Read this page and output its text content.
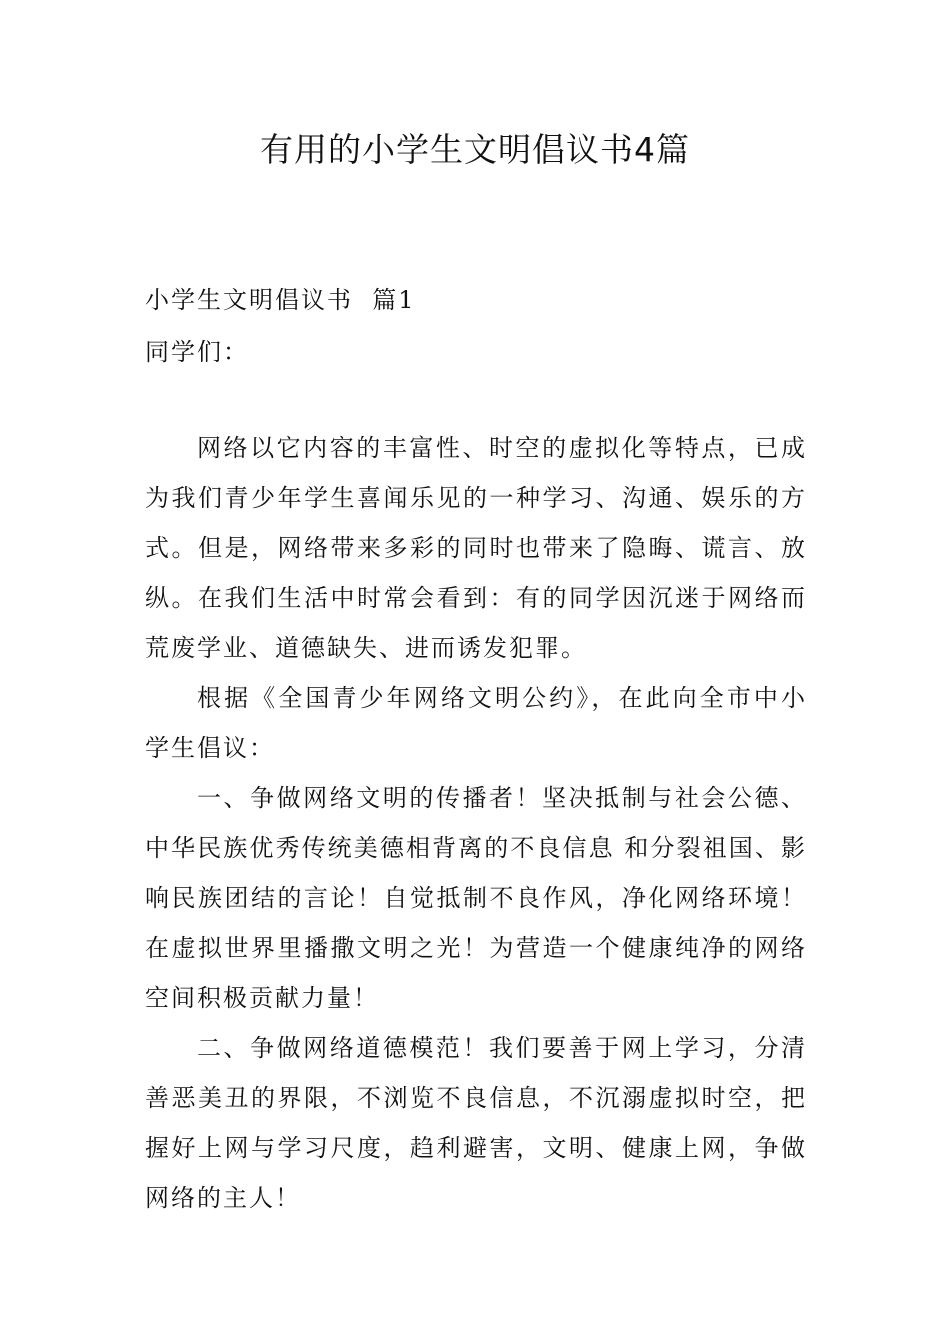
有用的小学生文明倡议书4篇

小学生文明倡议书  篇1

同学们：

网络以它内容的丰富性、时空的虚拟化等特点，已成为我们青少年学生喜闻乐见的一种学习、沟通、娱乐的方式。但是，网络带来多彩的同时也带来了隐晦、谎言、放纵。在我们生活中时常会看到：有的同学因沉迷于网络而荒废学业、道德缺失、进而诱发犯罪。

根据《全国青少年网络文明公约》，在此向全市中小学生倡议：

一、争做网络文明的传播者！坚决抵制与社会公德、中华民族优秀传统美德相背离的不良信息 和分裂祖国、影响民族团结的言论！自觉抵制不良作风，净化网络环境！在虚拟世界里播撒文明之光！为营造一个健康纯净的网络空间积极贡献力量！

二、争做网络道德模范！我们要善于网上学习，分清善恶美丑的界限，不浏览不良信息，不沉溺虚拟时空，把握好上网与学习尺度，趋利避害，文明、健康上网，争做网络的主人！
